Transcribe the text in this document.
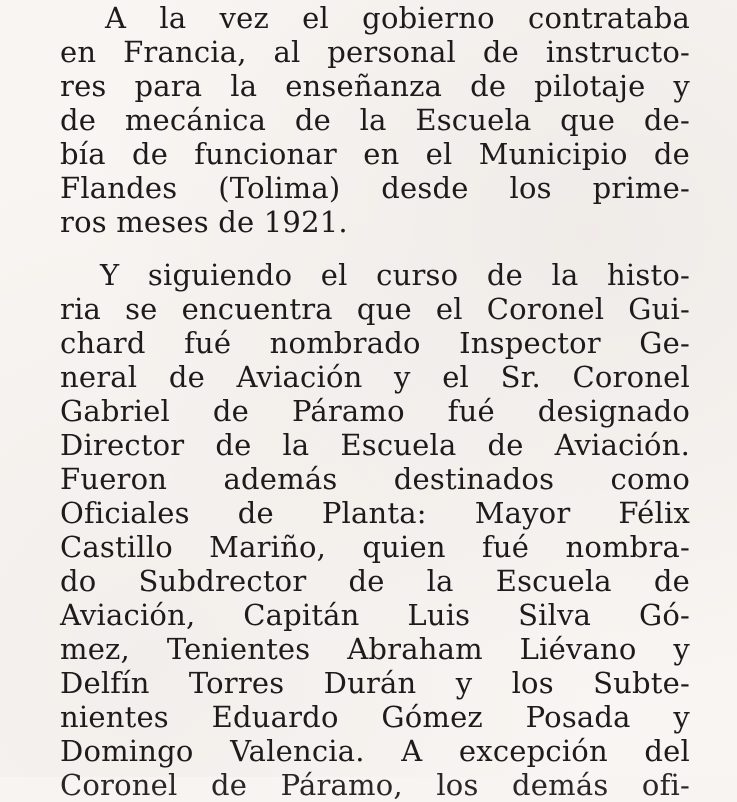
A la vez el gobierno contrataba
en Francia, al personal de instructo-
res para la enseñanza de pilotaje y
de mecánica de la Escuela que de-
bía de funcionar en el Municipio de
Flandes (Tolima) desde los prime-
ros meses de 1921.

Y siguiendo el curso de la histo-
ria se encuentra que el Coronel Gui-
chard fué nombrado Inspector Ge-
neral de Aviación y el Sr. Coronel
Gabriel de Páramo fué designado
Director de la Escuela de Aviación.
Fueron además destinados como
Oficiales de Planta: Mayor Félix
Castillo Mariño, quien fué nombra-
do Subdrector de la Escuela de
Aviación, Capitán Luis Silva Gó-
mez, Tenientes Abraham Liévano y
Delfín Torres Durán y los Subte-
nientes Eduardo Gómez Posada y
Domingo Valencia. A excepción del
Coronel de Páramo, los demás ofi-
